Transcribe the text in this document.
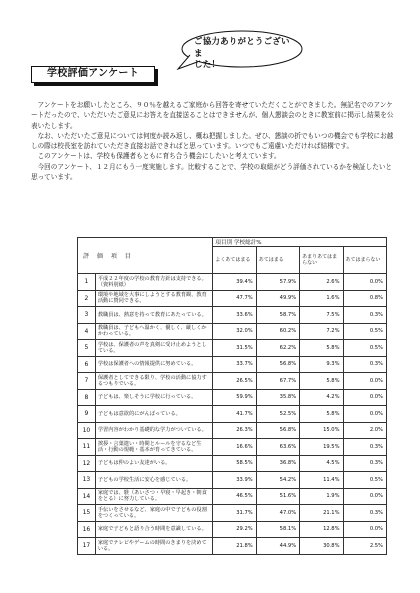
ご協力ありがとうございま
した！
学校評価アンケート

アンケートをお願いしたところ、９０％を越えるご家庭から回答を寄せていただくことができました。無記名でのアンケートだったので、いただいたご意見にお答えを直接送ることはできませんが、個人懇談会のときに教室前に掲示し結果を公表いたします。

なお、いただいたご意見については何度か読み返し、概ね把握しました。ぜひ、懇談の折でもいつの機会でも学校にお越しの際は校長室を訪れていただき直接お話できればと思っています。いつでもご遠慮いただければ結構です。

このアンケートは、学校も保護者もともに育ち合う機会にしたいと考えています。

今回のアンケート、１２月にもう一度実施します。比較することで、学校の取組がどう評価されているかを検証したいと思っています。

評 価 項 目		項目別 学校総計%			
		よくあてはまる	あてはまる	あまりあてはまらない	あてはまらない
1	平成２２年度の学校の教育方針は支持できる。（資料別紙）	39.4%	57.9%	2.6%	0.0%
2	環境や地域を大事にしようとする教育観、教育活動に賛同できる。	47.7%	49.9%	1.6%	0.8%
3	教職員は、熱意を持って教育にあたっている。	33.6%	58.7%	7.5%	0.3%
4	教職員は、子どもへ温かく、優しく、厳しくかかわっている。	32.0%	60.2%	7.2%	0.5%
5	学校は、保護者の声を真剣に受け止めようとしている。	31.5%	62.2%	5.8%	0.5%
6	学校は保護者への情報提供に努めている。	33.7%	56.8%	9.3%	0.3%
7	保護者としてできる限り、学校の活動に協力するつもりでいる。	26.5%	67.7%	5.8%	0.0%
8	子どもは、楽しそうに学校に行っている。	59.9%	35.8%	4.2%	0.0%
9	子どもは意欲的にがんばっている。	41.7%	52.5%	5.8%	0.0%
10	学習内容がわかり基礎的な学力がついている。	26.3%	56.8%	15.0%	2.0%
11	挨拶・言葉遣い・時間とルールを守るなど生活・行動の規範・基本が育ってきている。	16.6%	63.6%	19.5%	0.3%
12	子どもは仲のよい友達がいる。	58.5%	36.8%	4.5%	0.3%
13	子どもの学校生活に安心を感じている。	33.9%	54.2%	11.4%	0.5%
14	家庭では、躾（あいさつ・早寝・早起き・朝食をとる）に努力している。	46.5%	51.6%	1.9%	0.0%
15	手伝いをさせるなど、家庭の中で子どもの役割をつくっている。	31.7%	47.0%	21.1%	0.3%
16	家庭で子どもと語り合う時間を意識している。	29.2%	58.1%	12.8%	0.0%
17	家庭でテレビやゲームの時間のきまりを決めている。	21.8%	44.9%	30.8%	2.5%
